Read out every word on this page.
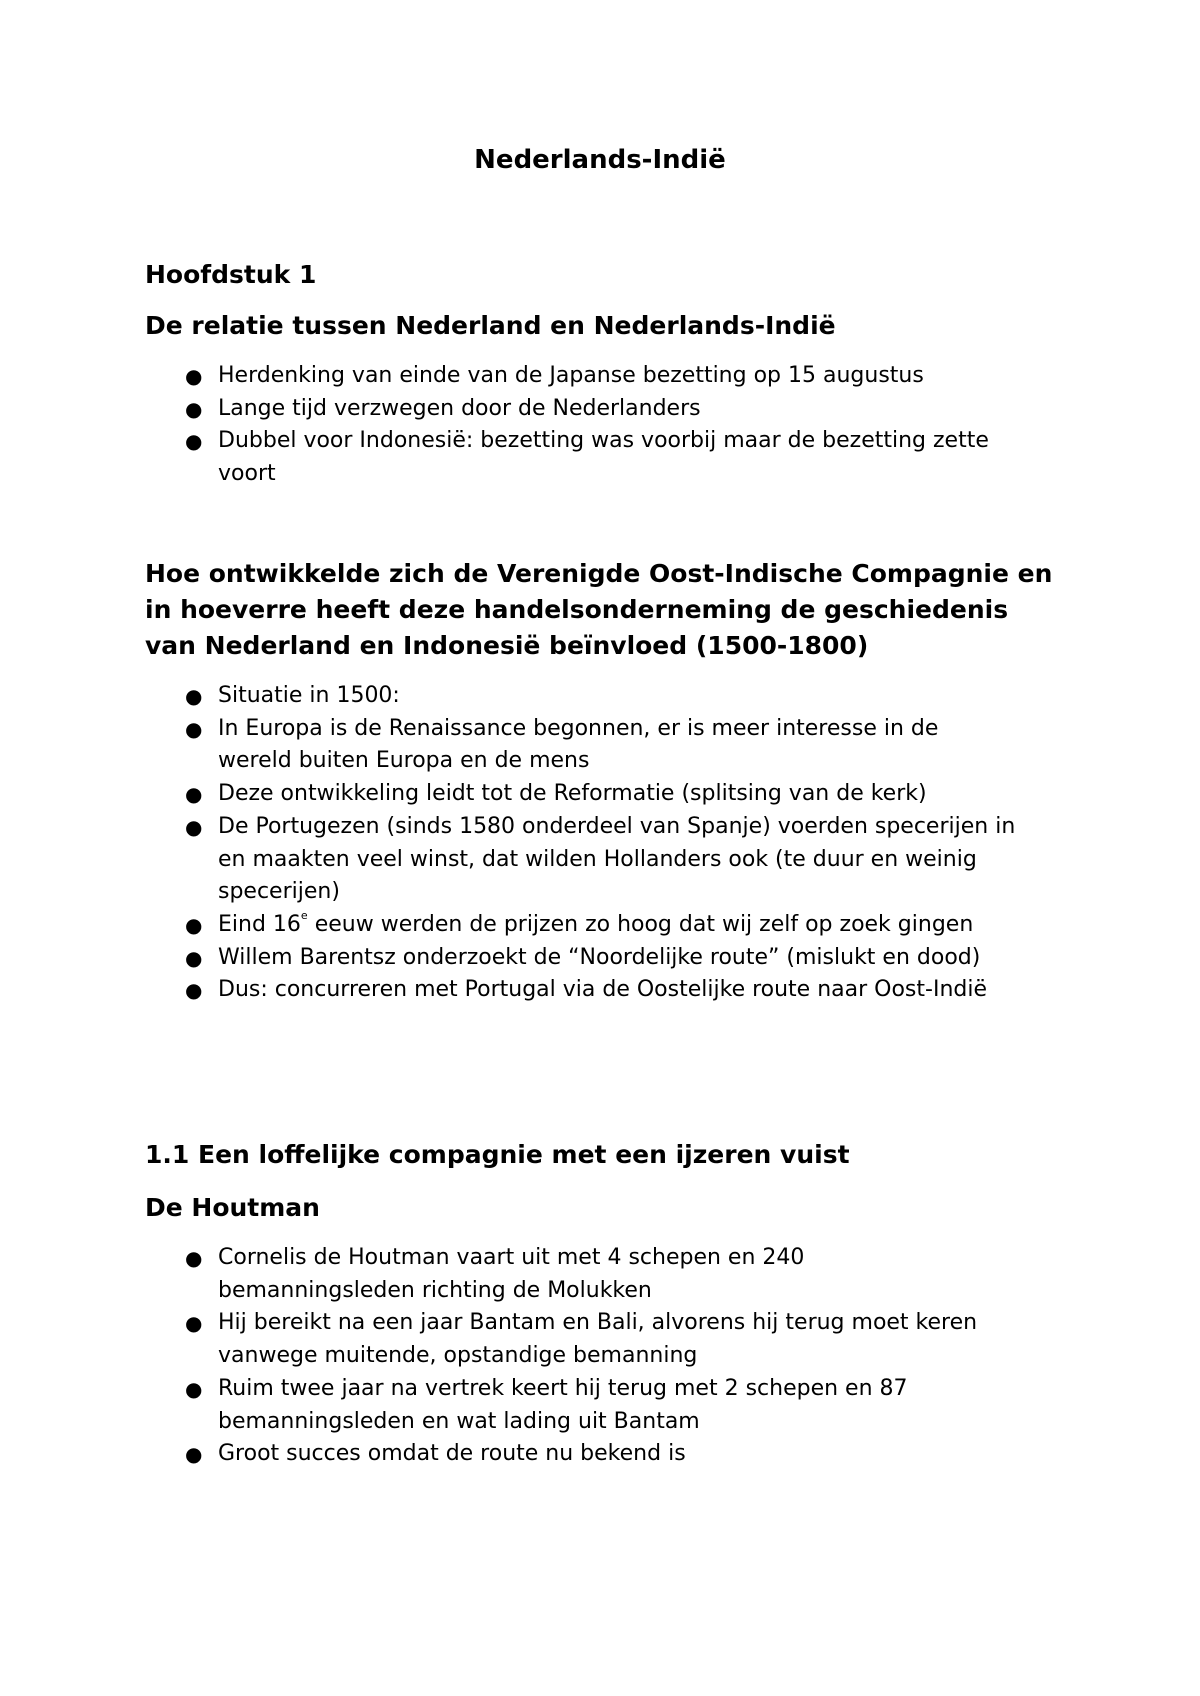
Nederlands-Indië
Hoofdstuk 1
De relatie tussen Nederland en Nederlands-Indië
● Herdenking van einde van de Japanse bezetting op 15 augustus
● Lange tijd verzwegen door de Nederlanders
● Dubbel voor Indonesië: bezetting was voorbij maar de bezetting zette voort
Hoe ontwikkelde zich de Verenigde Oost-Indische Compagnie en in hoeverre heeft deze handelsonderneming de geschiedenis van Nederland en Indonesië beïnvloed (1500-1800)
● Situatie in 1500:
● In Europa is de Renaissance begonnen, er is meer interesse in de wereld buiten Europa en de mens
● Deze ontwikkeling leidt tot de Reformatie (splitsing van de kerk)
● De Portugezen (sinds 1580 onderdeel van Spanje) voerden specerijen in en maakten veel winst, dat wilden Hollanders ook (te duur en weinig specerijen)
● Eind 16e eeuw werden de prijzen zo hoog dat wij zelf op zoek gingen
● Willem Barentsz onderzoekt de “Noordelijke route” (mislukt en dood)
● Dus: concurreren met Portugal via de Oostelijke route naar Oost-Indië
1.1 Een loffelijke compagnie met een ijzeren vuist
De Houtman
● Cornelis de Houtman vaart uit met 4 schepen en 240 bemanningsleden richting de Molukken
● Hij bereikt na een jaar Bantam en Bali, alvorens hij terug moet keren vanwege muitende, opstandige bemanning
● Ruim twee jaar na vertrek keert hij terug met 2 schepen en 87 bemanningsleden en wat lading uit Bantam
● Groot succes omdat de route nu bekend is
